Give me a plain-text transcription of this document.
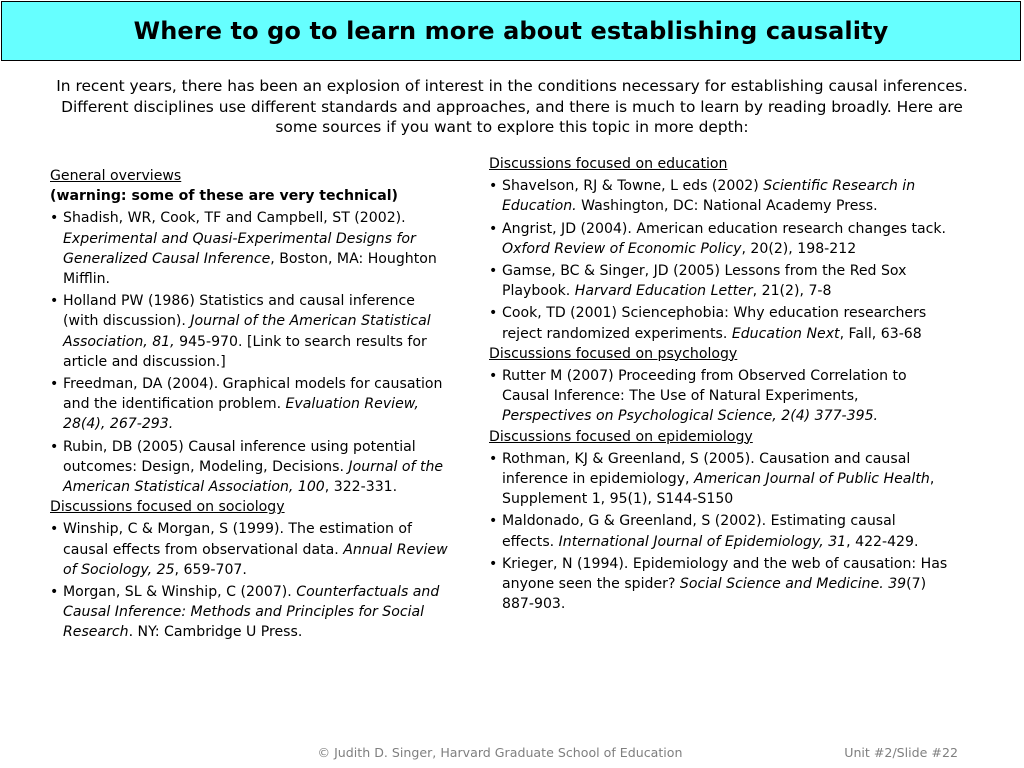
Where to go to learn more about establishing causality
In recent years, there has been an explosion of interest in the conditions necessary for establishing causal inferences. Different disciplines use different standards and approaches, and there is much to learn by reading broadly. Here are some sources if you want to explore this topic in more depth:
General overviews
(warning: some of these are very technical)
• Shadish, WR, Cook, TF and Campbell, ST (2002). Experimental and Quasi-Experimental Designs for Generalized Causal Inference, Boston, MA: Houghton Mifflin.
• Holland PW (1986) Statistics and causal inference (with discussion). Journal of the American Statistical Association, 81, 945-970. [Link to search results for article and discussion.]
• Freedman, DA (2004). Graphical models for causation and the identification problem. Evaluation Review, 28(4), 267-293.
• Rubin, DB (2005) Causal inference using potential outcomes: Design, Modeling, Decisions. Journal of the American Statistical Association, 100, 322-331.
Discussions focused on sociology
• Winship, C & Morgan, S (1999). The estimation of causal effects from observational data. Annual Review of Sociology, 25, 659-707.
• Morgan, SL & Winship, C (2007). Counterfactuals and Causal Inference: Methods and Principles for Social Research. NY: Cambridge U Press.
Discussions focused on education
• Shavelson, RJ & Towne, L eds (2002) Scientific Research in Education. Washington, DC: National Academy Press.
• Angrist, JD (2004). American education research changes tack. Oxford Review of Economic Policy, 20(2), 198-212
• Gamse, BC & Singer, JD (2005) Lessons from the Red Sox Playbook. Harvard Education Letter, 21(2), 7-8
• Cook, TD (2001) Sciencephobia: Why education researchers reject randomized experiments. Education Next, Fall, 63-68
Discussions focused on psychology
• Rutter M (2007) Proceeding from Observed Correlation to Causal Inference: The Use of Natural Experiments, Perspectives on Psychological Science, 2(4) 377-395.
Discussions focused on epidemiology
• Rothman, KJ & Greenland, S (2005). Causation and causal inference in epidemiology, American Journal of Public Health, Supplement 1, 95(1), S144-S150
• Maldonado, G & Greenland, S (2002). Estimating causal effects. International Journal of Epidemiology, 31, 422-429.
• Krieger, N (1994). Epidemiology and the web of causation: Has anyone seen the spider? Social Science and Medicine. 39(7) 887-903.
© Judith D. Singer, Harvard Graduate School of Education	Unit #2/Slide #22
